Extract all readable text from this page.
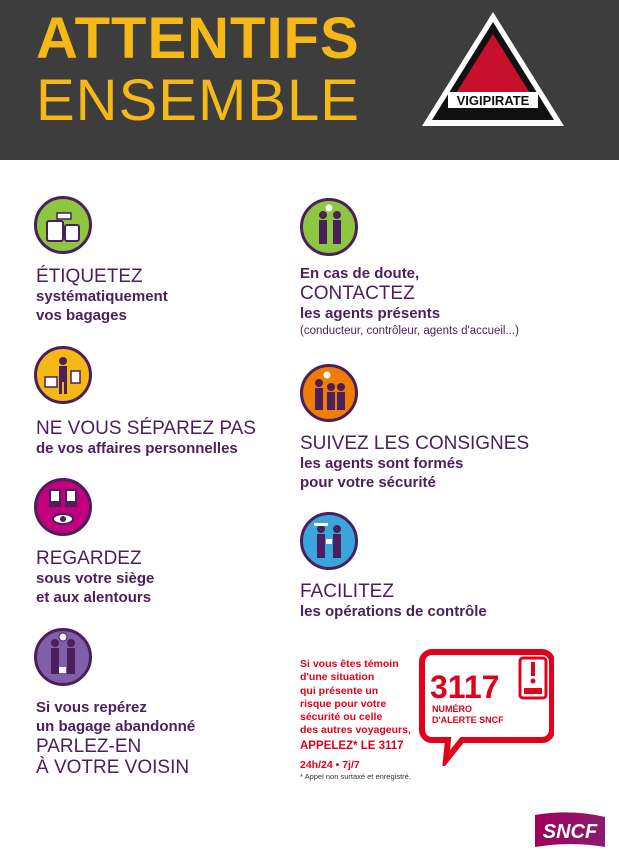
ATTENTIFS
ENSEMBLE	VIGIPIRATE
ÉTIQUETEZ
systématiquement
vos bagages
NE VOUS SÉPAREZ PAS
de vos affaires personnelles
REGARDEZ
sous votre siège
et aux alentours
Si vous repérez
un bagage abandonné
PARLEZ-EN
À VOTRE VOISIN
En cas de doute,
CONTACTEZ
les agents présents
(conducteur, contrôleur, agents d'accueil...)
SUIVEZ LES CONSIGNES
les agents sont formés
pour votre sécurité
FACILITEZ
les opérations de contrôle
Si vous êtes témoin
d'une situation
qui présente un
risque pour votre
sécurité ou celle
des autres voyageurs,
APPELEZ* LE 3117
24h/24 • 7j/7
* Appel non surtaxé et enregistré.
3117
NUMÉRO
D'ALERTE SNCF
SNCF
